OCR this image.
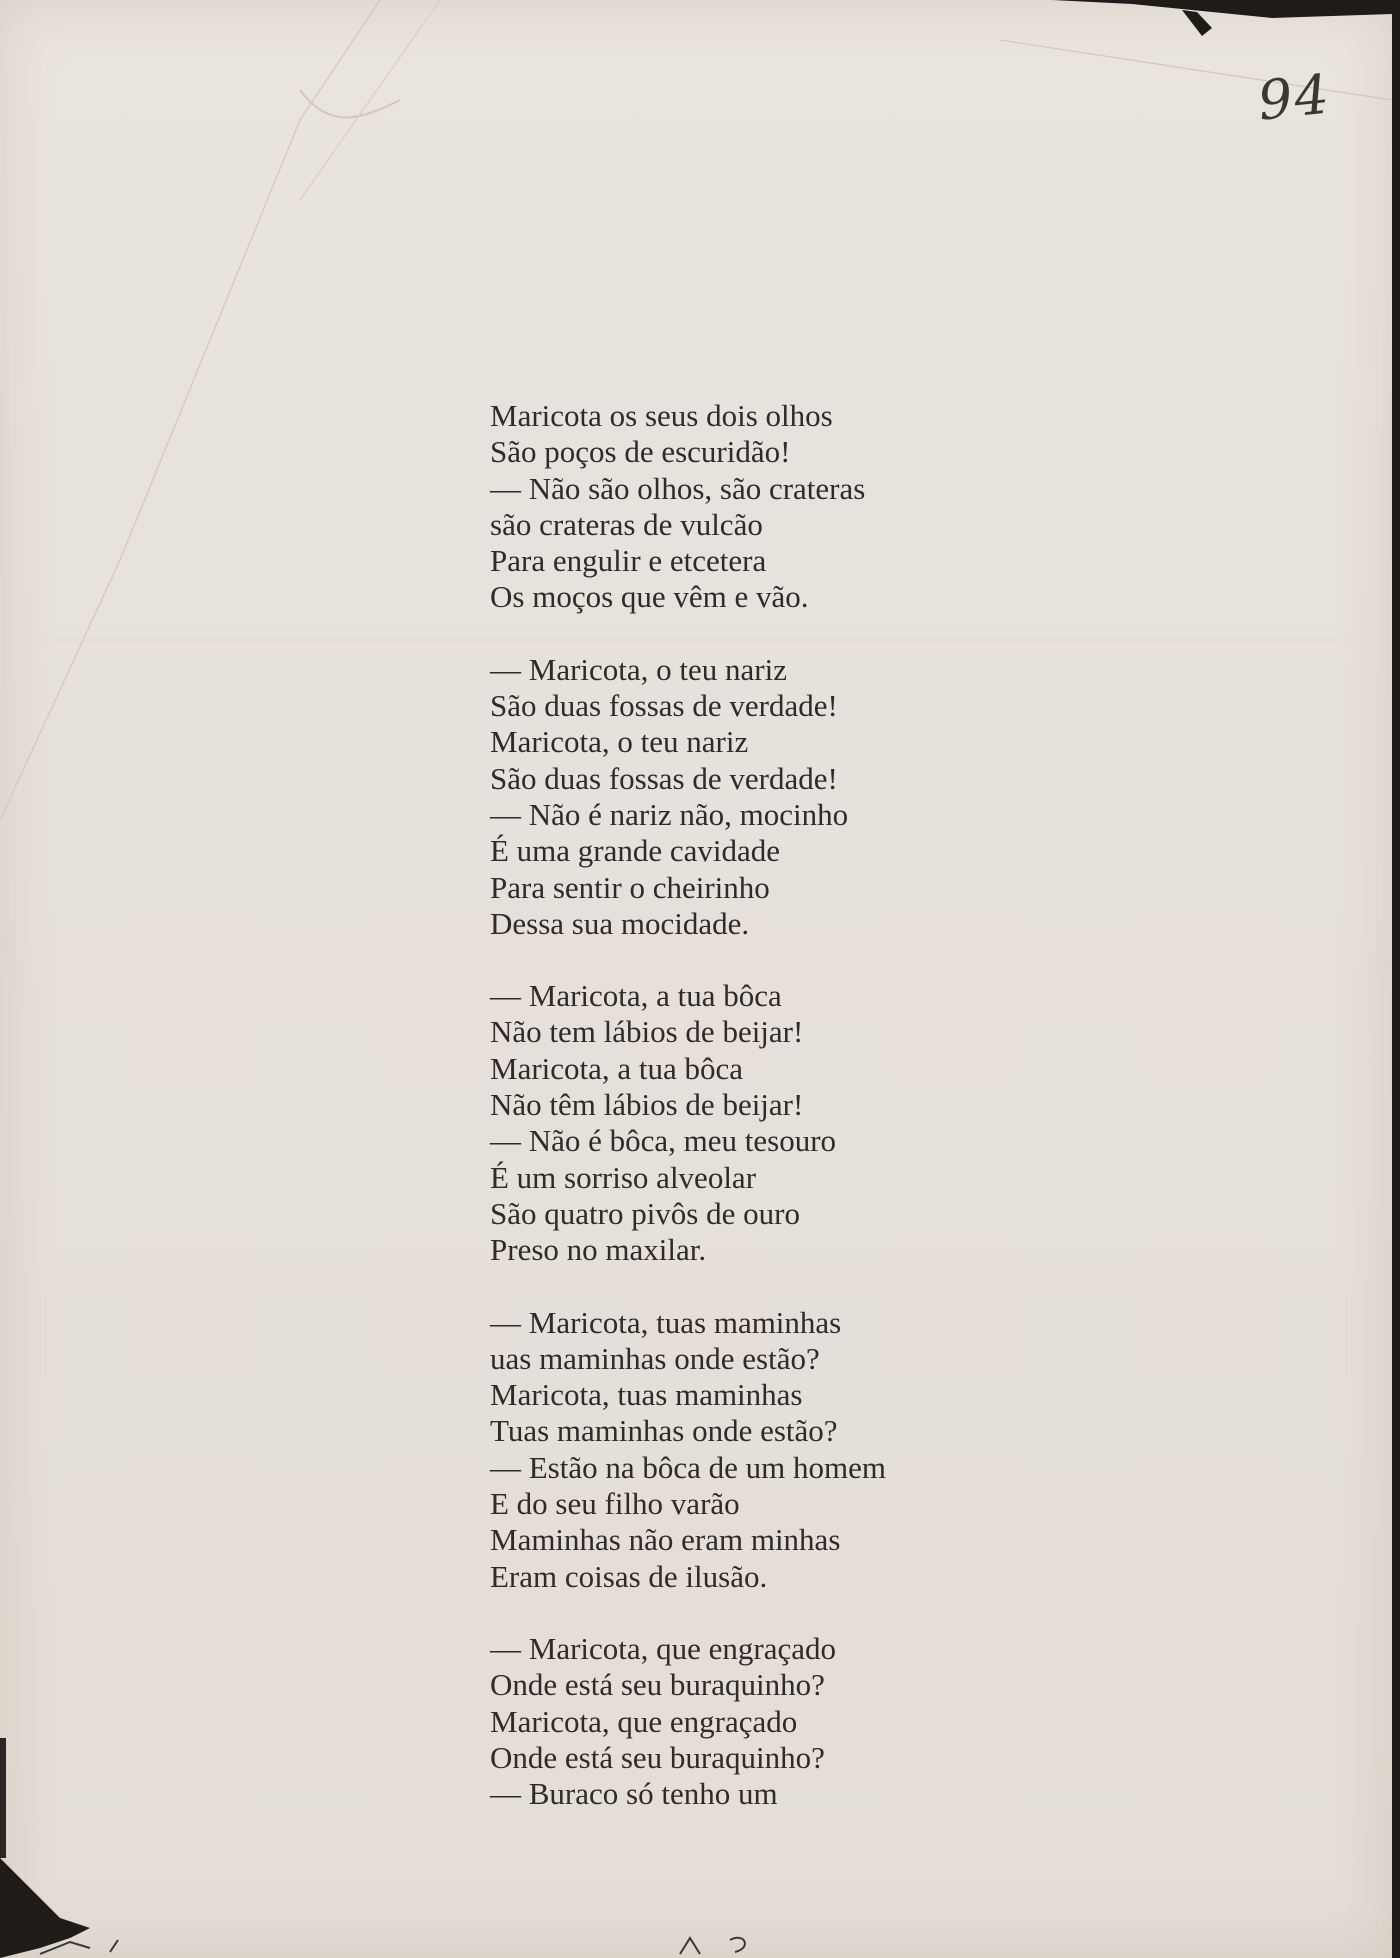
94
Maricota os seus dois olhos
São poços de escuridão!
— Não são olhos, são crateras
são crateras de vulcão
Para engulir e etcetera
Os moços que vêm e vão.
— Maricota, o teu nariz
São duas fossas de verdade!
Maricota, o teu nariz
São duas fossas de verdade!
— Não é nariz não, mocinho
É uma grande cavidade
Para sentir o cheirinho
Dessa sua mocidade.
— Maricota, a tua bôca
Não tem lábios de beijar!
Maricota, a tua bôca
Não têm lábios de beijar!
— Não é bôca, meu tesouro
É um sorriso alveolar
São quatro pivôs de ouro
Preso no maxilar.
— Maricota, tuas maminhas
uas maminhas onde estão?
Maricota, tuas maminhas
Tuas maminhas onde estão?
— Estão na bôca de um homem
E do seu filho varão
Maminhas não eram minhas
Eram coisas de ilusão.
— Maricota, que engraçado
Onde está seu buraquinho?
Maricota, que engraçado
Onde está seu buraquinho?
— Buraco só tenho um
